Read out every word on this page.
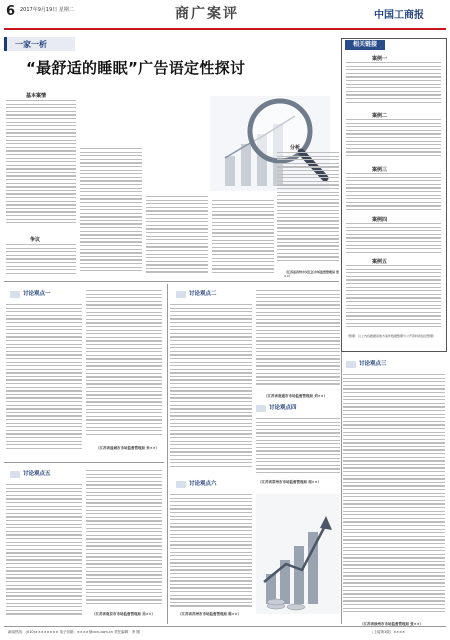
6 2017年9月19日 星期二	商广案评	中国工商报
一家一析
“最舒适的睡眠”广告语定性探讨
基本案情
争议
分析
（江苏省苏州市吴江区市场监督管理局 张××）
相关链接
案例一
案例二
案例三
案例四
案例五
（整理：以上内容根据省地方案件数据整理与公开资料的信息整理）
讨论观点一
（江苏省盐城市市场监督管理局 朱××）
讨论观点二
（江苏省南通市市场监督管理局 刘××）
讨论观点三
（江苏省徐州市市场监督管理局 张××）
讨论观点四
（江苏省常州市市场监督管理局 周××）
讨论观点五
（江苏省南京市市场监督管理局 吴××）
讨论观点六
（江苏省苏州市市场监督管理局 陈××）
新闻热线：(010)×××××××× 电子信箱：××××@cicn.com.cn 责任编辑：李 刚	（上接第1版）××××
